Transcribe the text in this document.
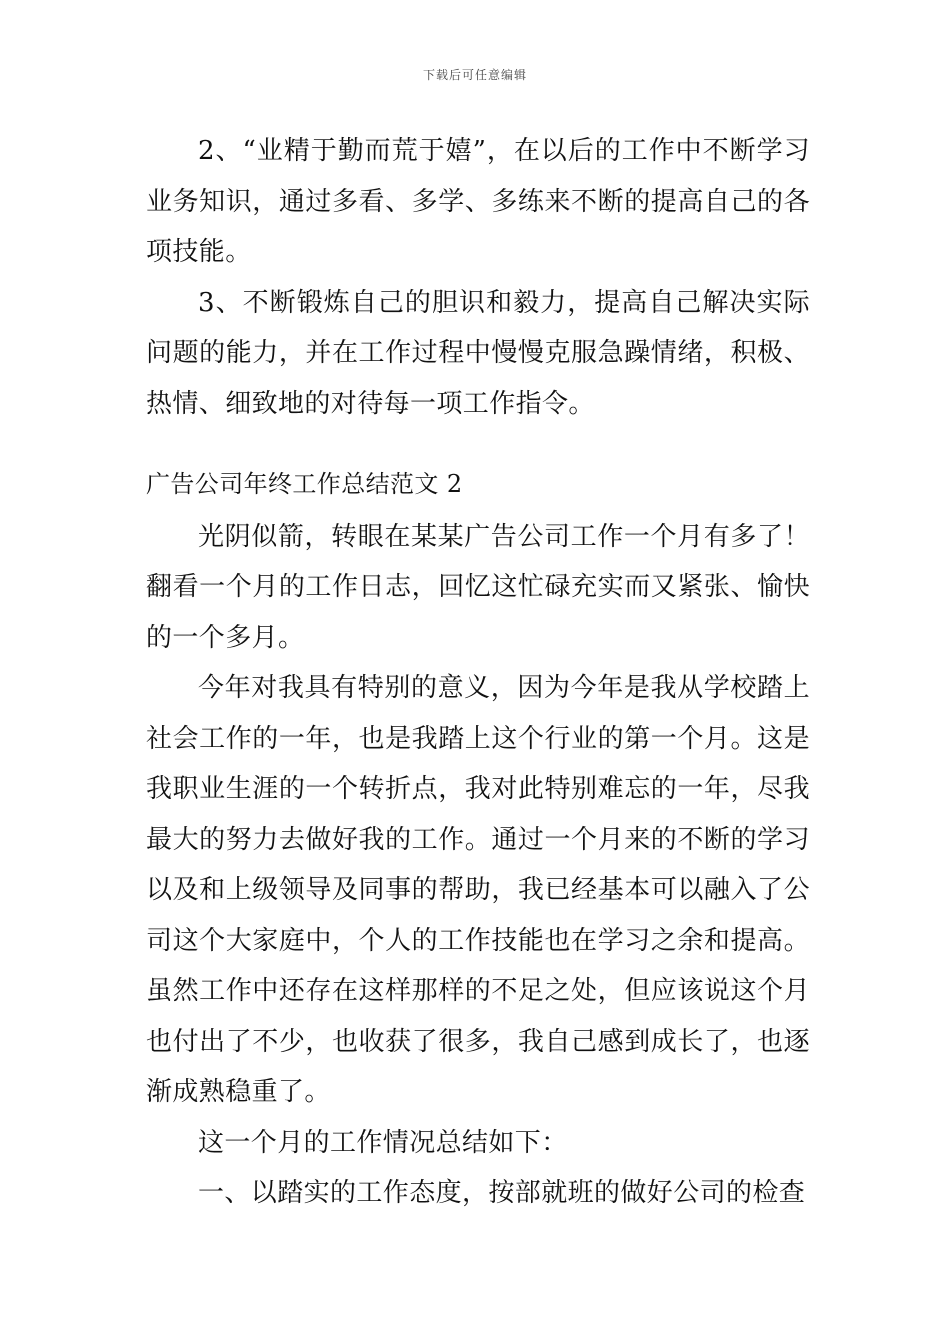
下载后可任意编辑

2、“业精于勤而荒于嬉”，在以后的工作中不断学习业务知识，通过多看、多学、多练来不断的提高自己的各项技能。

3、不断锻炼自己的胆识和毅力，提高自己解决实际问题的能力，并在工作过程中慢慢克服急躁情绪，积极、热情、细致地的对待每一项工作指令。

广告公司年终工作总结范文 2

光阴似箭，转眼在某某广告公司工作一个月有多了！翻看一个月的工作日志，回忆这忙碌充实而又紧张、愉快的一个多月。

今年对我具有特别的意义，因为今年是我从学校踏上社会工作的一年，也是我踏上这个行业的第一个月。这是我职业生涯的一个转折点，我对此特别难忘的一年，尽我最大的努力去做好我的工作。通过一个月来的不断的学习以及和上级领导及同事的帮助，我已经基本可以融入了公司这个大家庭中，个人的工作技能也在学习之余和提高。虽然工作中还存在这样那样的不足之处，但应该说这个月也付出了不少，也收获了很多，我自己感到成长了，也逐渐成熟稳重了。

这一个月的工作情况总结如下：

一、以踏实的工作态度，按部就班的做好公司的检查
